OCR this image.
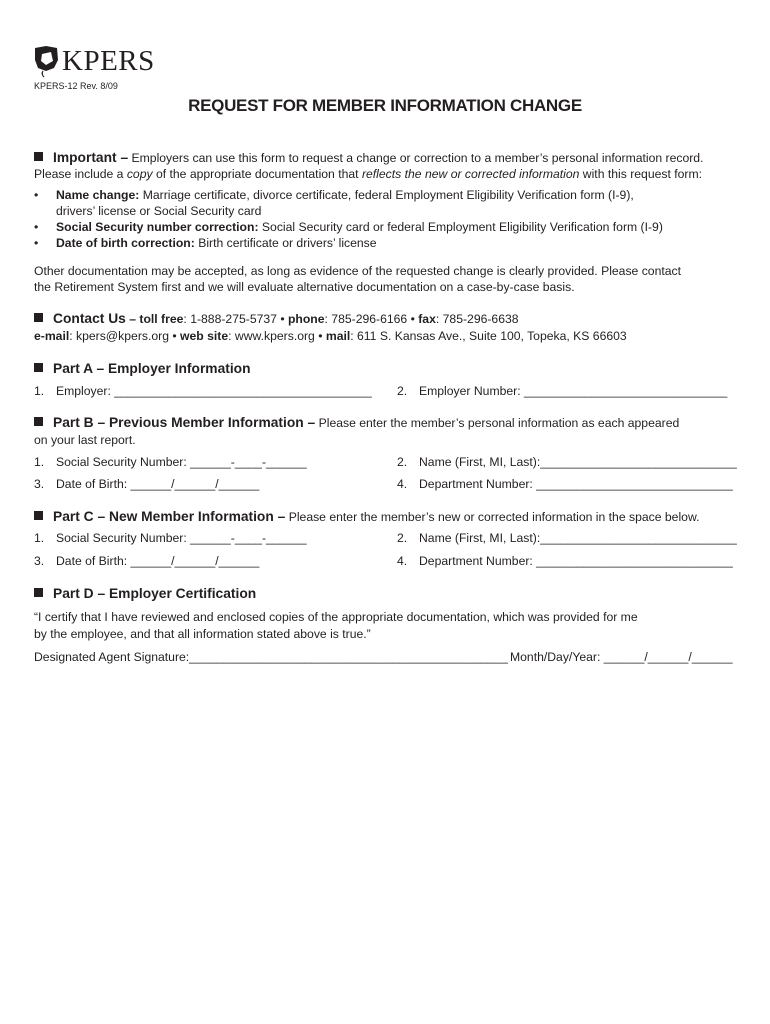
KPERS
KPERS-12 Rev. 8/09
REQUEST FOR MEMBER INFORMATION CHANGE
Important – Employers can use this form to request a change or correction to a member’s personal information record.
Please include a copy of the appropriate documentation that reflects the new or corrected information with this request form:
• Name change: Marriage certificate, divorce certificate, federal Employment Eligibility Verification form (I-9),
drivers’ license or Social Security card
• Social Security number correction: Social Security card or federal Employment Eligibility Verification form (I-9)
• Date of birth correction: Birth certificate or drivers’ license
Other documentation may be accepted, as long as evidence of the requested change is clearly provided. Please contact
the Retirement System first and we will evaluate alternative documentation on a case-by-case basis.
Contact Us – toll free: 1-888-275-5737 • phone: 785-296-6166 • fax: 785-296-6638
e-mail: kpers@kpers.org • web site: www.kpers.org • mail: 611 S. Kansas Ave., Suite 100, Topeka, KS 66603
Part A – Employer Information
1. Employer: ______________________________________ 2. Employer Number: ______________________________
Part B – Previous Member Information – Please enter the member’s personal information as each appeared
on your last report.
1. Social Security Number: ______-____-______	2. Name (First, MI, Last):_____________________________
3. Date of Birth: ______/______/______	4. Department Number: _____________________________
Part C – New Member Information – Please enter the member’s new or corrected information in the space below.
1. Social Security Number: ______-____-______	2. Name (First, MI, Last):_____________________________
3. Date of Birth: ______/______/______	4. Department Number: _____________________________
Part D – Employer Certification
“I certify that I have reviewed and enclosed copies of the appropriate documentation, which was provided for me
by the employee, and that all information stated above is true.”
Designated Agent Signature:_______________________________________________ Month/Day/Year: ______/______/______
